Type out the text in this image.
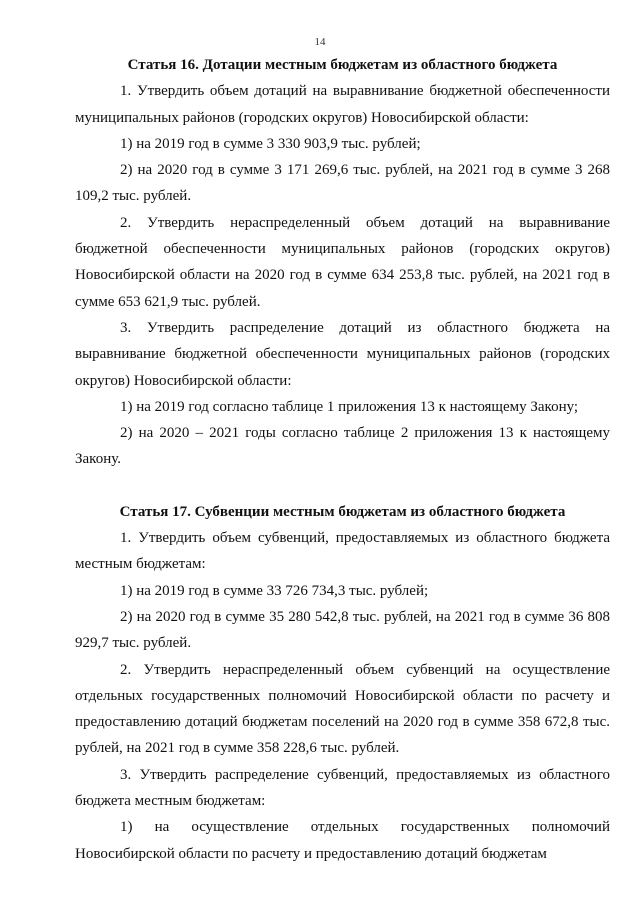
14

Статья 16. Дотации местным бюджетам из областного бюджета

1. Утвердить объем дотаций на выравнивание бюджетной обеспеченности муниципальных районов (городских округов) Новосибирской области:

1) на 2019 год в сумме 3 330 903,9 тыс. рублей;

2) на 2020 год в сумме 3 171 269,6 тыс. рублей, на 2021 год в сумме 3 268 109,2 тыс. рублей.

2. Утвердить нераспределенный объем дотаций на выравнивание бюджетной обеспеченности муниципальных районов (городских округов) Новосибирской области на 2020 год в сумме 634 253,8 тыс. рублей, на 2021 год в сумме 653 621,9 тыс. рублей.

3. Утвердить распределение дотаций из областного бюджета на выравнивание бюджетной обеспеченности муниципальных районов (городских округов) Новосибирской области:

1) на 2019 год согласно таблице 1 приложения 13 к настоящему Закону;

2) на 2020 – 2021 годы согласно таблице 2 приложения 13 к настоящему Закону.

Статья 17. Субвенции местным бюджетам из областного бюджета

1. Утвердить объем субвенций, предоставляемых из областного бюджета местным бюджетам:

1) на 2019 год в сумме 33 726 734,3 тыс. рублей;

2) на 2020 год в сумме 35 280 542,8 тыс. рублей, на 2021 год в сумме 36 808 929,7 тыс. рублей.

2. Утвердить нераспределенный объем субвенций на осуществление отдельных государственных полномочий Новосибирской области по расчету и предоставлению дотаций бюджетам поселений на 2020 год в сумме 358 672,8 тыс. рублей, на 2021 год в сумме 358 228,6 тыс. рублей.

3. Утвердить распределение субвенций, предоставляемых из областного бюджета местным бюджетам:

1) на осуществление отдельных государственных полномочий Новосибирской области по расчету и предоставлению дотаций бюджетам
